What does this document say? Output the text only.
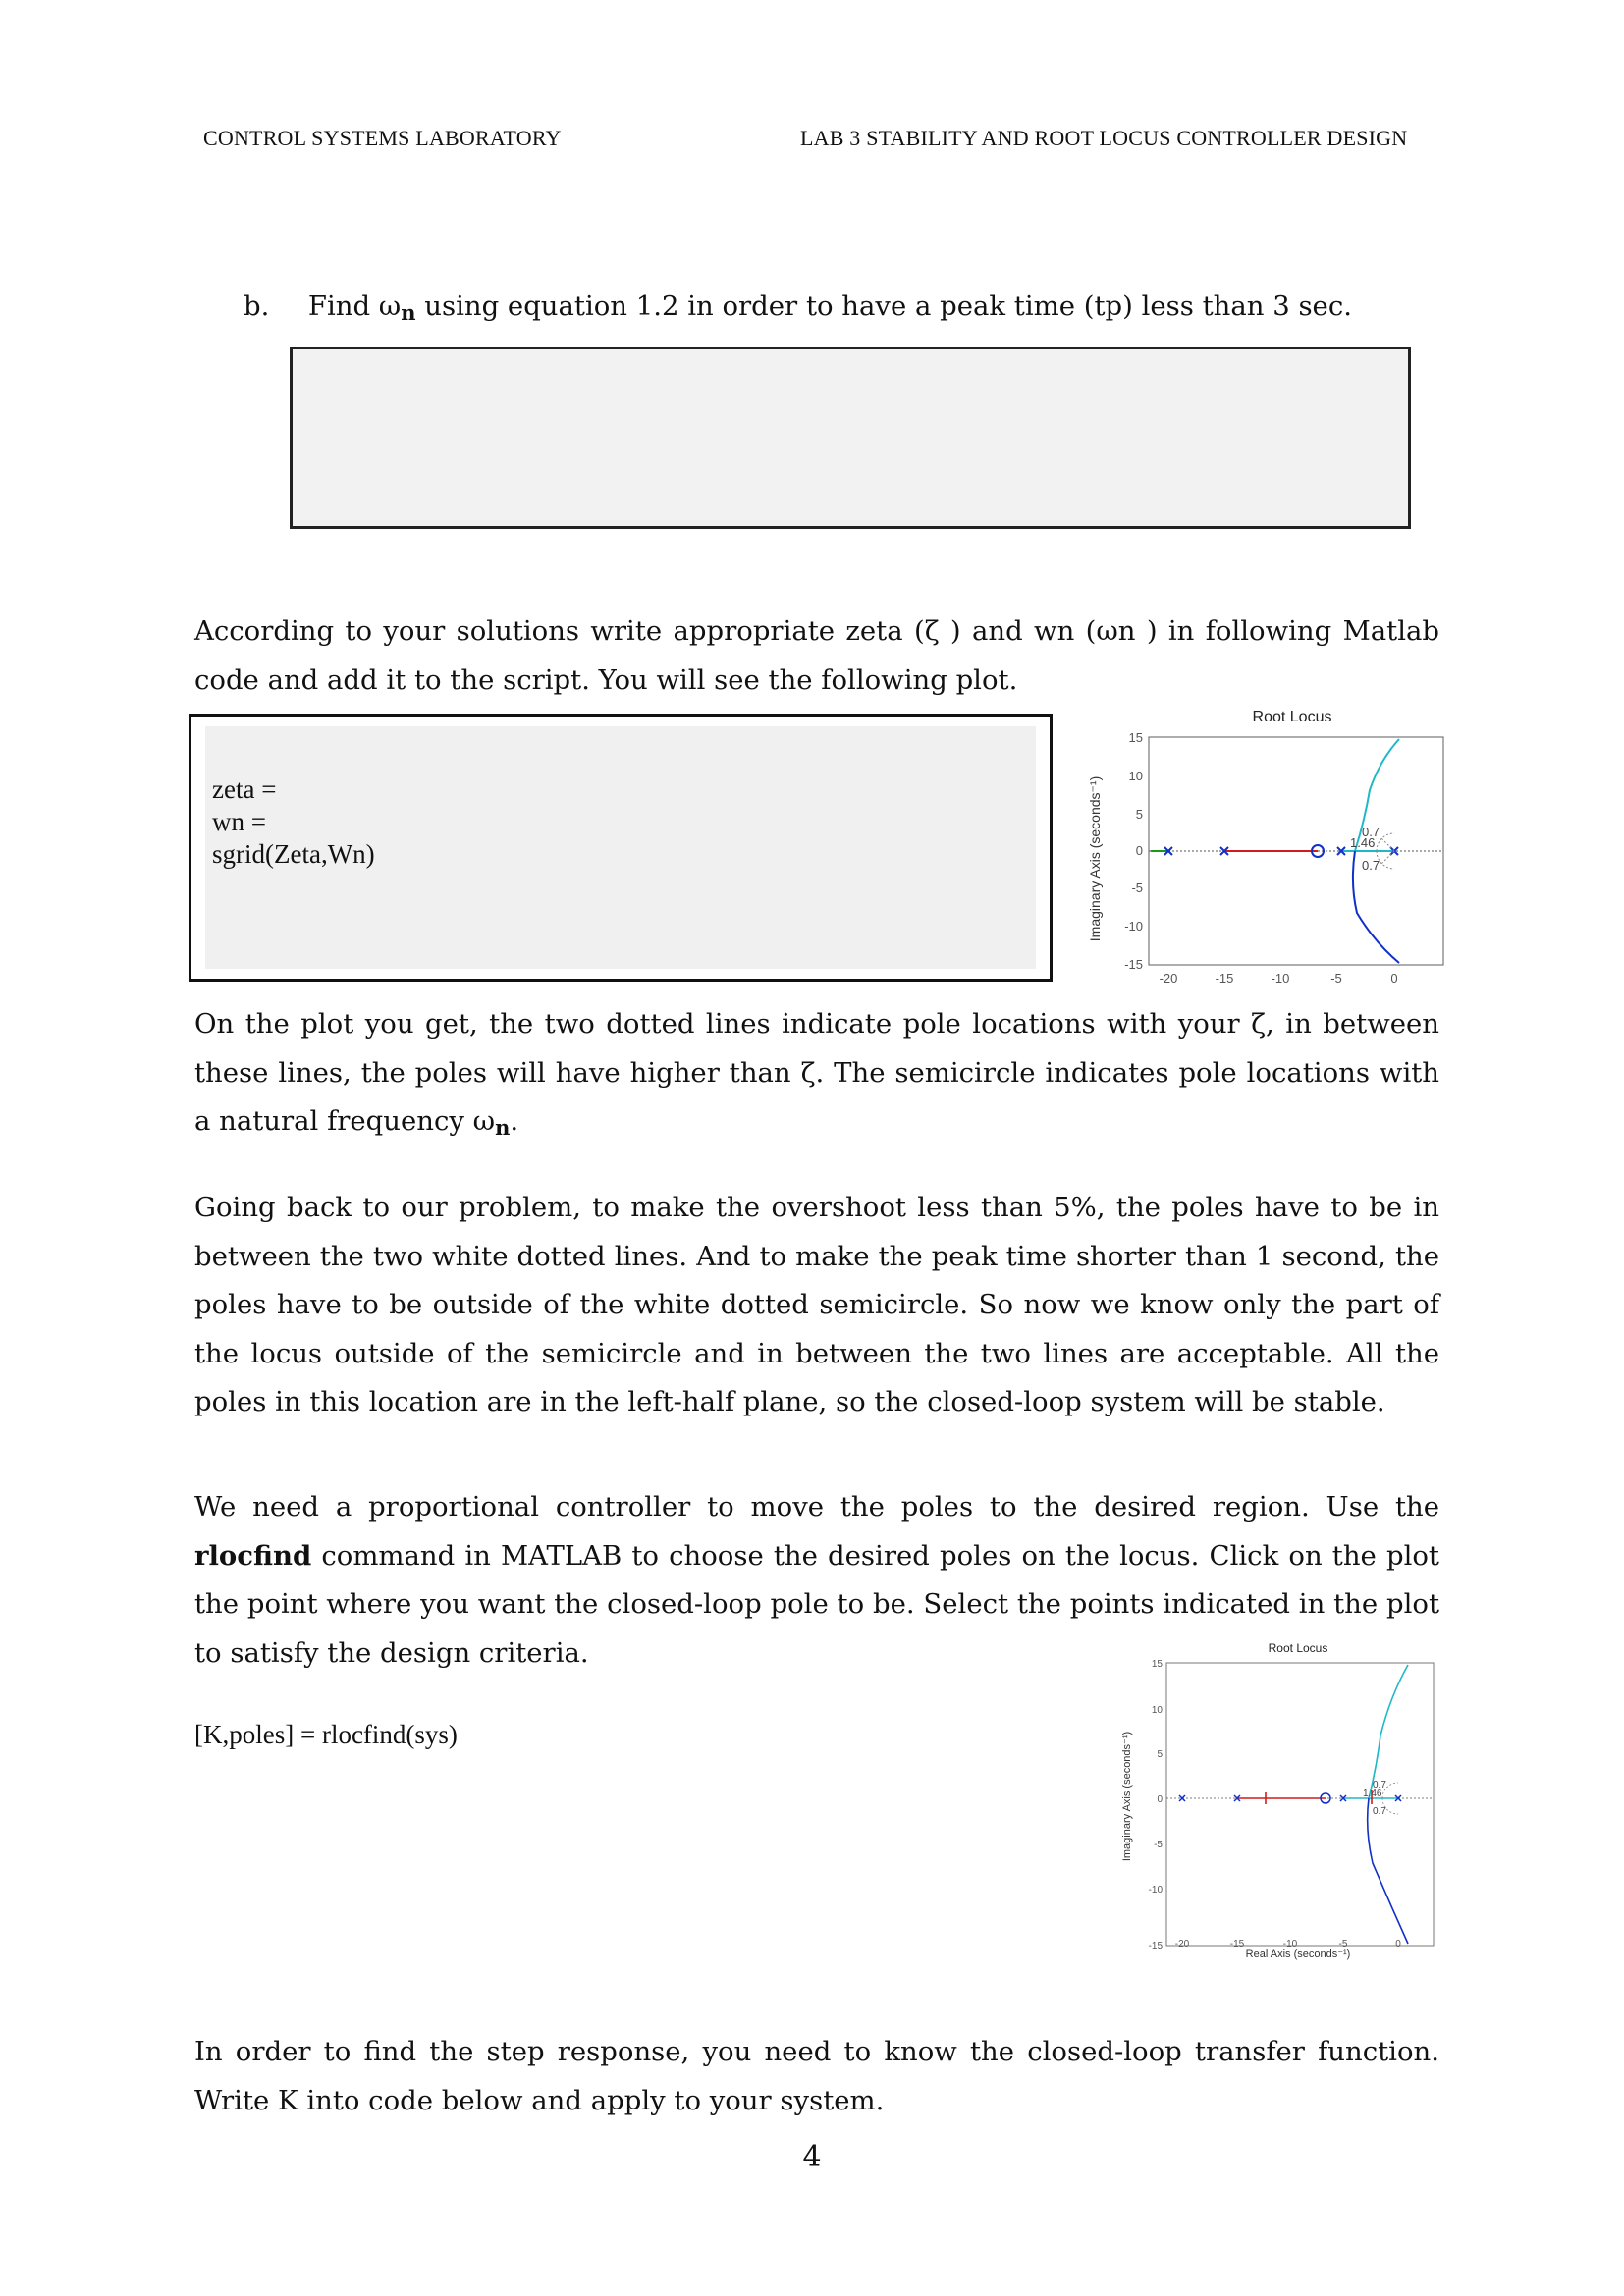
CONTROL SYSTEMS LABORATORY	LAB 3 STABILITY AND ROOT LOCUS CONTROLLER DESIGN
b. Find $\omega_n$ using equation 1.2 in order to have a peak time (tp) less than 3 sec.
According to your solutions write appropriate zeta (ζ ) and wn (ωn ) in following Matlab code and add it to the script. You will see the following plot.
zeta =
wn =
sgrid(Zeta,Wn)
Root Locus
Imaginary Axis (seconds⁻¹)
15
10
5
0
-5
-10
-15
-20	-15	-10	-5	0
0.7
1.46
0.7
On the plot you get, the two dotted lines indicate pole locations with your ζ, in between these lines, the poles will have higher than ζ. The semicircle indicates pole locations with a natural frequency $\omega_n$.
Going back to our problem, to make the overshoot less than 5%, the poles have to be in between the two white dotted lines. And to make the peak time shorter than 1 second, the poles have to be outside of the white dotted semicircle. So now we know only the part of the locus outside of the semicircle and in between the two lines are acceptable. All the poles in this location are in the left-half plane, so the closed-loop system will be stable.
We need a proportional controller to move the poles to the desired region. Use the rlocfind command in MATLAB to choose the desired poles on the locus. Click on the plot the point where you want the closed-loop pole to be. Select the points indicated in the plot to satisfy the design criteria.
[K,poles] = rlocfind(sys)
Root Locus
Imaginary Axis (seconds⁻¹)
Real Axis (seconds⁻¹)
15
10
5
0
-5
-10
-15 -20	-15	-10	-5	0
0.7
1.46
0.7
In order to find the step response, you need to know the closed-loop transfer function. Write K into code below and apply to your system.
4
